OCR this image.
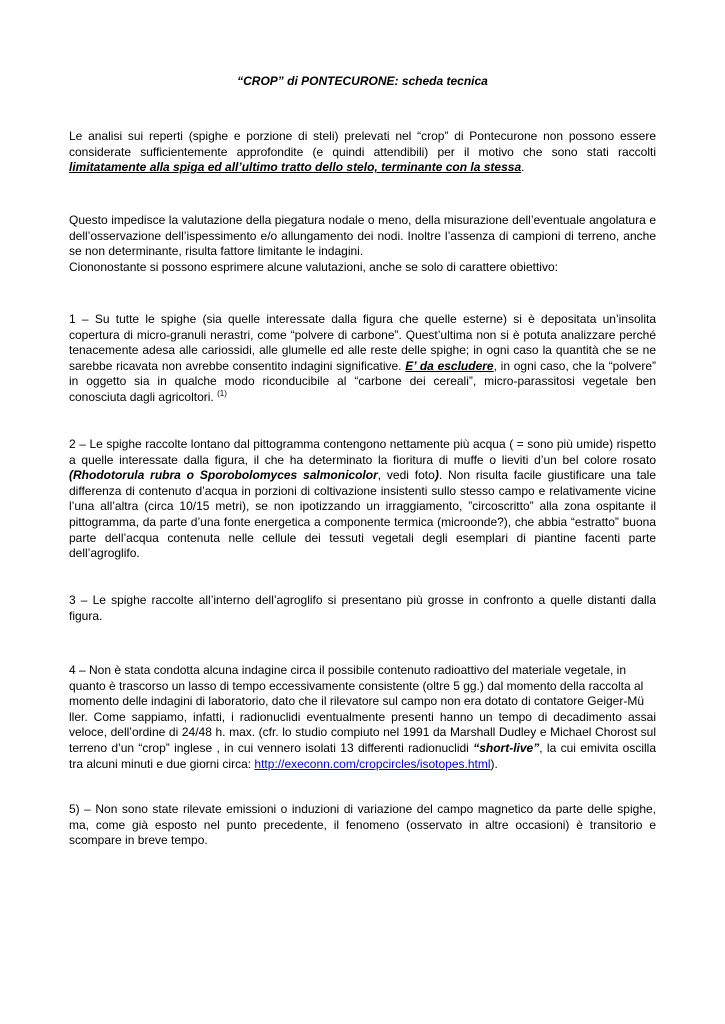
“CROP” di PONTECURONE: scheda tecnica

Le analisi sui reperti (spighe e porzione di steli) prelevati nel “crop” di Pontecurone non possono essere considerate sufficientemente approfondite (e quindi attendibili) per il motivo che sono stati raccolti limitatamente alla spiga ed all’ultimo tratto dello stelo, terminante con la stessa.

Questo impedisce la valutazione della piegatura nodale o meno, della misurazione dell’eventuale angolatura e dell’osservazione dell’ispessimento e/o allungamento dei nodi. Inoltre l’assenza di campioni di terreno, anche se non determinante, risulta fattore limitante le indagini.
Ciononostante si possono esprimere alcune valutazioni, anche se solo di carattere obiettivo:

1 – Su tutte le spighe (sia quelle interessate dalla figura che quelle esterne) si è depositata un’insolita copertura di micro-granuli nerastri, come “polvere di carbone”. Quest’ultima non si è potuta analizzare perché tenacemente adesa alle cariossidi, alle glumelle ed alle reste delle spighe; in ogni caso la quantità che se ne sarebbe ricavata non avrebbe consentito indagini significative. E’ da escludere, in ogni caso, che la “polvere” in oggetto sia in qualche modo riconducibile al “carbone dei cereali”, micro-parassitosi vegetale ben conosciuta dagli agricoltori. $^{(1)}$

2 – Le spighe raccolte lontano dal pittogramma contengono nettamente più acqua ( = sono più umide) rispetto a quelle interessate dalla figura, il che ha determinato la fioritura di muffe o lieviti d’un bel colore rosato (Rhodotorula rubra o Sporobolomyces salmonicolor, vedi foto). Non risulta facile giustificare una tale differenza di contenuto d’acqua in porzioni di coltivazione insistenti sullo stesso campo e relativamente vicine l’una all’altra (circa 10/15 metri), se non ipotizzando un irraggiamento, ”circoscritto” alla zona ospitante il pittogramma, da parte d’una fonte energetica a componente termica (microonde?), che abbia “estratto” buona parte dell’acqua contenuta nelle cellule dei tessuti vegetali degli esemplari di piantine facenti parte dell’agroglifo.

3 – Le spighe raccolte all’interno dell’agroglifo si presentano più grosse in confronto a quelle distanti dalla figura.

4 – Non è stata condotta alcuna indagine circa il possibile contenuto radioattivo del materiale vegetale, in
quanto è trascorso un lasso di tempo eccessivamente consistente (oltre 5 gg.) dal momento della raccolta al
momento delle indagini di laboratorio, dato che il rilevatore sul campo non era dotato di contatore Geiger-Mü
ller. Come sappiamo, infatti, i radionuclidi eventualmente presenti hanno un tempo di decadimento assai veloce, dell’ordine di 24/48 h. max. (cfr. lo studio compiuto nel 1991 da Marshall Dudley e Michael Chorost sul terreno d’un “crop” inglese , in cui vennero isolati 13 differenti radionuclidi “short-live”, la cui emivita oscilla tra alcuni minuti e due giorni circa: http://execonn.com/cropcircles/isotopes.html).

5) – Non sono state rilevate emissioni o induzioni di variazione del campo magnetico da parte delle spighe, ma, come già esposto nel punto precedente, il fenomeno (osservato in altre occasioni) è transitorio e scompare in breve tempo.
